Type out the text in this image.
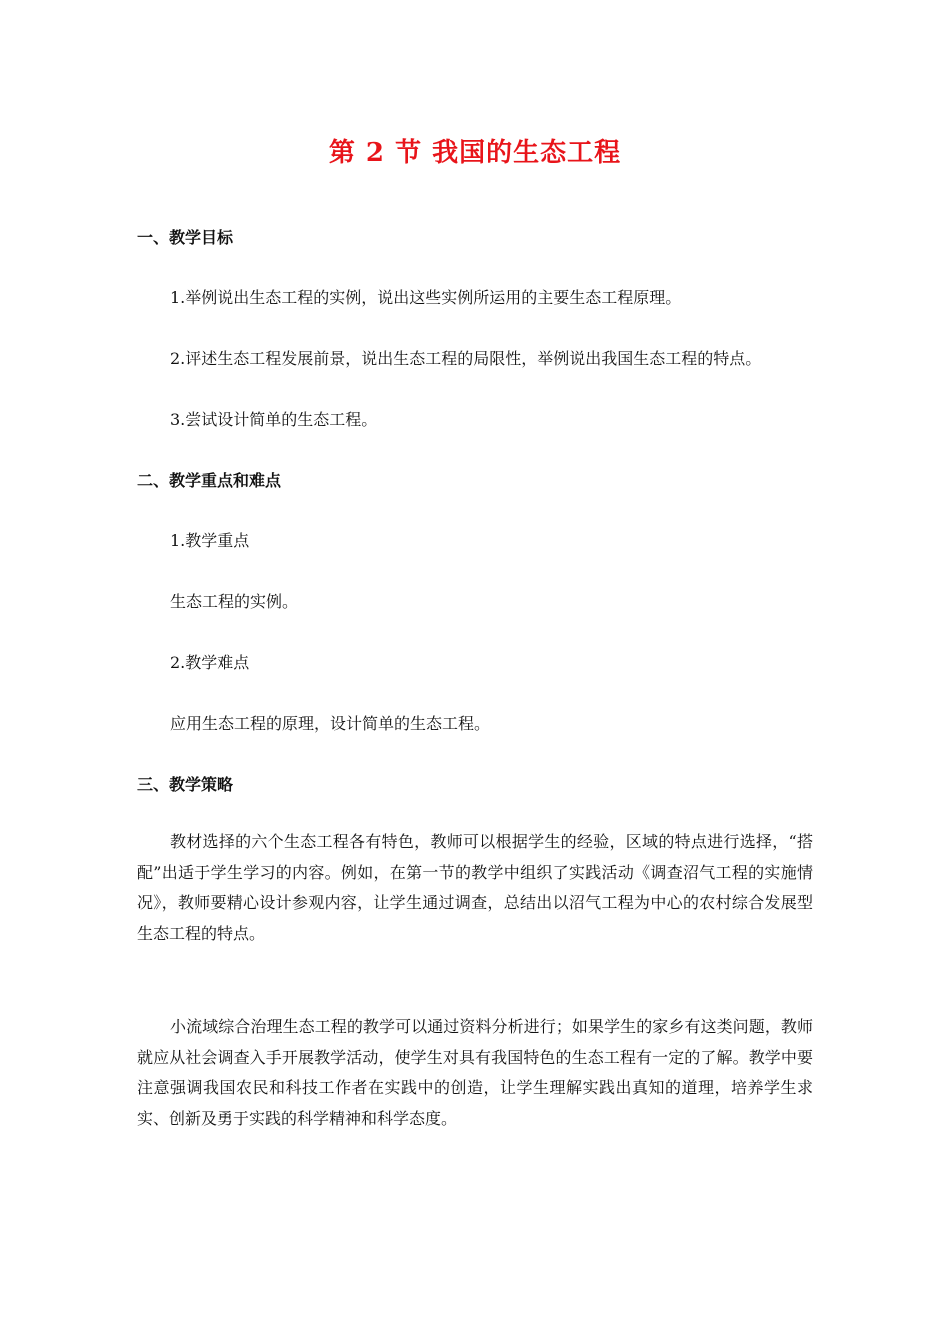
第 2 节 我国的生态工程
一、教学目标

1.举例说出生态工程的实例，说出这些实例所运用的主要生态工程原理。

2.评述生态工程发展前景，说出生态工程的局限性，举例说出我国生态工程的特点。

3.尝试设计简单的生态工程。

二、教学重点和难点

1.教学重点

生态工程的实例。

2.教学难点

应用生态工程的原理，设计简单的生态工程。

三、教学策略

教材选择的六个生态工程各有特色，教师可以根据学生的经验，区域的特点进行选择，“搭配”出适于学生学习的内容。例如，在第一节的教学中组织了实践活动《调查沼气工程的实施情况》，教师要精心设计参观内容，让学生通过调查，总结出以沼气工程为中心的农村综合发展型生态工程的特点。

小流域综合治理生态工程的教学可以通过资料分析进行；如果学生的家乡有这类问题，教师就应从社会调查入手开展教学活动，使学生对具有我国特色的生态工程有一定的了解。教学中要注意强调我国农民和科技工作者在实践中的创造，让学生理解实践出真知的道理，培养学生求实、创新及勇于实践的科学精神和科学态度。
